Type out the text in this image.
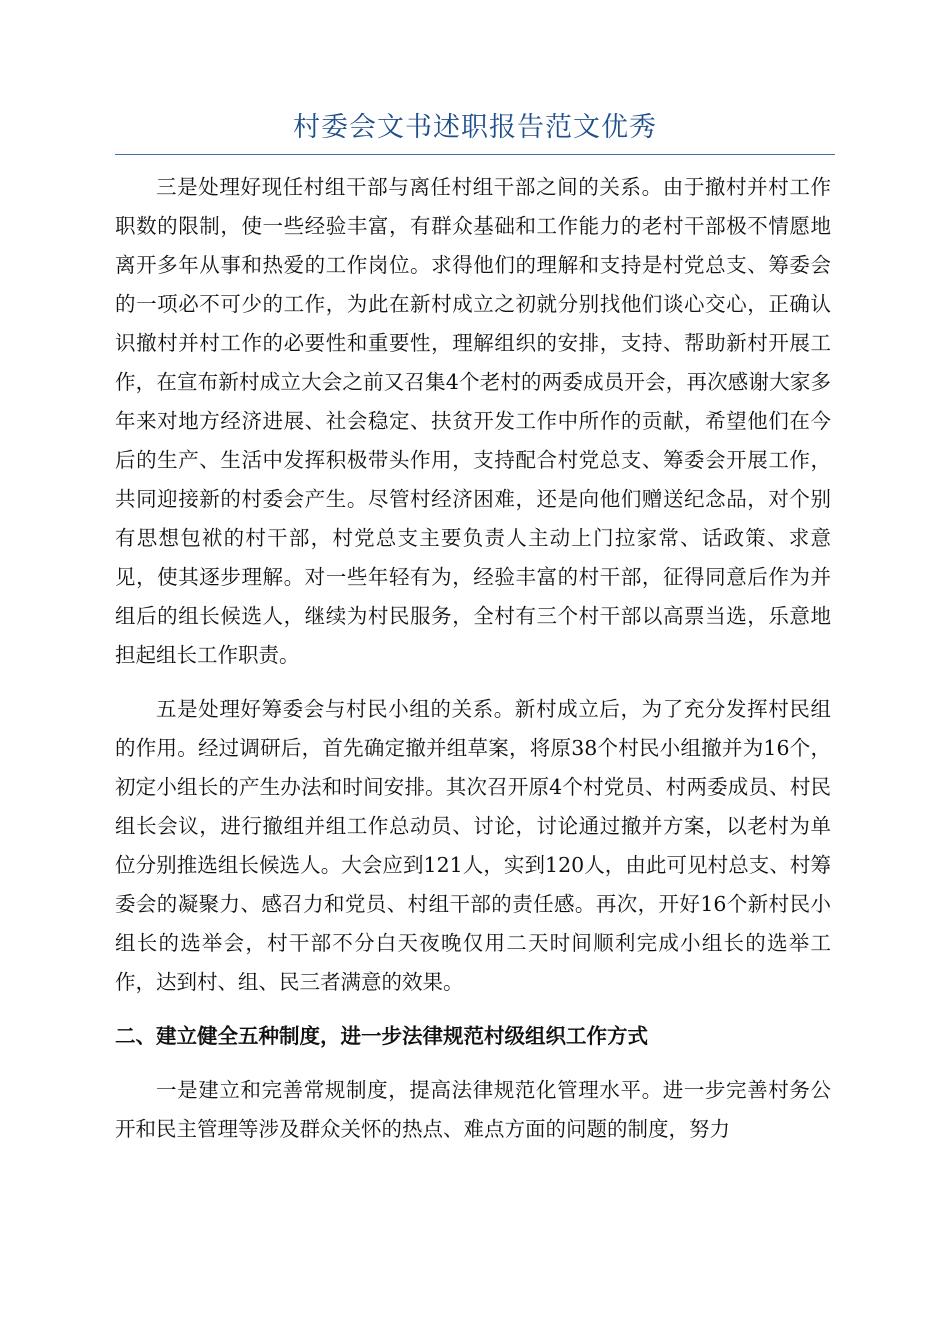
村委会文书述职报告范文优秀

三是处理好现任村组干部与离任村组干部之间的关系。由于撤村并村工作职数的限制，使一些经验丰富，有群众基础和工作能力的老村干部极不情愿地离开多年从事和热爱的工作岗位。求得他们的理解和支持是村党总支、筹委会的一项必不可少的工作，为此在新村成立之初就分别找他们谈心交心，正确认识撤村并村工作的必要性和重要性，理解组织的安排，支持、帮助新村开展工作，在宣布新村成立大会之前又召集4个老村的两委成员开会，再次感谢大家多年来对地方经济进展、社会稳定、扶贫开发工作中所作的贡献，希望他们在今后的生产、生活中发挥积极带头作用，支持配合村党总支、筹委会开展工作，共同迎接新的村委会产生。尽管村经济困难，还是向他们赠送纪念品，对个别有思想包袱的村干部，村党总支主要负责人主动上门拉家常、话政策、求意见，使其逐步理解。对一些年轻有为，经验丰富的村干部，征得同意后作为并组后的组长候选人，继续为村民服务，全村有三个村干部以高票当选，乐意地担起组长工作职责。

五是处理好筹委会与村民小组的关系。新村成立后，为了充分发挥村民组的作用。经过调研后，首先确定撤并组草案，将原38个村民小组撤并为16个，初定小组长的产生办法和时间安排。其次召开原4个村党员、村两委成员、村民组长会议，进行撤组并组工作总动员、讨论，讨论通过撤并方案，以老村为单位分别推选组长候选人。大会应到121人，实到120人，由此可见村总支、村筹委会的凝聚力、感召力和党员、村组干部的责任感。再次，开好16个新村民小组长的选举会，村干部不分白天夜晚仅用二天时间顺利完成小组长的选举工作，达到村、组、民三者满意的效果。

二、建立健全五种制度，进一步法律规范村级组织工作方式

一是建立和完善常规制度，提高法律规范化管理水平。进一步完善村务公开和民主管理等涉及群众关怀的热点、难点方面的问题的制度，努力
